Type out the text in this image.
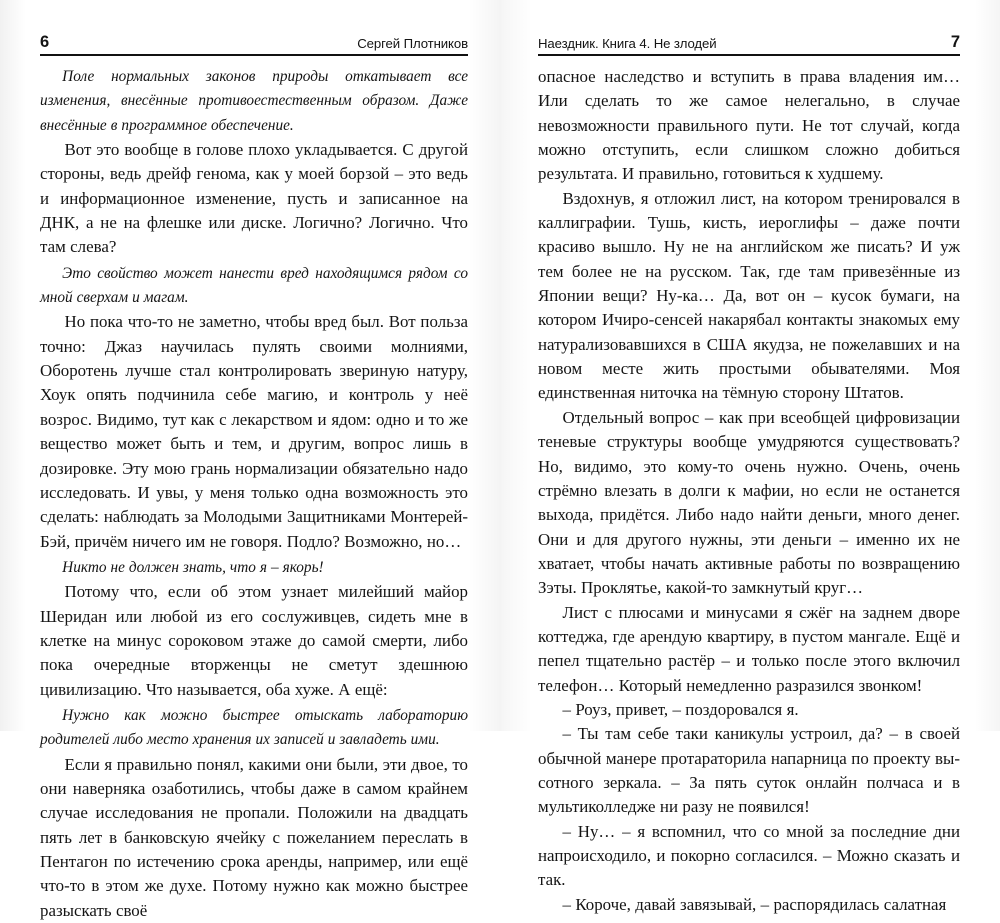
6	Сергей Плотников

Поле нормальных законов природы откатывает все изменения, внесённые противоестественным образом. Даже внесённые в программное обеспечение.

Вот это вообще в голове плохо укладывается. С другой стороны, ведь дрейф генома, как у моей борзой – это ведь и информационное изменение, пусть и записанное на ДНК, а не на флешке или диске. Логично? Логично. Что там слева?

Это свойство может нанести вред находящимся рядом со мной сверхам и магам.

Но пока что-то не заметно, чтобы вред был. Вот польза точно: Джаз научилась пулять своими молниями, Оборотень лучше стал контролировать звериную натуру, Хоук опять подчинила себе магию, и контроль у неё возрос. Видимо, тут как с лекарством и ядом: одно и то же вещество может быть и тем, и другим, вопрос лишь в дозировке. Эту мою грань нормализации обязательно надо исследовать. И увы, у меня только одна возможность это сделать: наблюдать за Молодыми Защитниками Монтерей-Бэй, причём ничего им не говоря. Подло? Возможно, но…

Никто не должен знать, что я – якорь!

Потому что, если об этом узнает милейший майор Шеридан или любой из его сослуживцев, сидеть мне в клетке на минус сороковом этаже до самой смерти, либо пока очередные вторженцы не сметут здешнюю цивилизацию. Что называется, оба хуже. А ещё:

Нужно как можно быстрее отыскать лабораторию родителей либо место хранения их записей и завладеть ими.

Если я правильно понял, какими они были, эти двое, то они наверняка озаботились, чтобы даже в самом крайнем случае исследования не пропали. Положили на двадцать пять лет в банковскую ячейку с пожеланием переслать в Пентагон по истечению срока аренды, например, или ещё что-то в этом же духе. Потому нужно как можно быстрее разыскать своё

Наездник. Книга 4. Не злодей	7

опасное наследство и вступить в права владения им… Или сделать то же самое нелегально, в случае невозможности правильного пути. Не тот случай, когда можно отступить, если слишком сложно добиться результата. И правильно, готовиться к худшему.

Вздохнув, я отложил лист, на котором тренировался в каллиграфии. Тушь, кисть, иероглифы – даже почти красиво вышло. Ну не на английском же писать? И уж тем более не на русском. Так, где там привезённые из Японии вещи? Ну-ка… Да, вот он – кусок бумаги, на котором Ичиро-сенсей накарябал контакты знакомых ему натурализовавшихся в США якудза, не пожелавших и на новом месте жить простыми обывателями. Моя единственная ниточка на тёмную сторону Штатов.

Отдельный вопрос – как при всеобщей цифровизации теневые структуры вообще умудряются существовать? Но, видимо, это кому-то очень нужно. Очень, очень стрёмно влезать в долги к мафии, но если не останется выхода, придётся. Либо надо найти деньги, много денег. Они и для другого нужны, эти деньги – именно их не хватает, чтобы начать активные работы по возвращению Зэты. Проклятье, какой-то замкнутый круг…

Лист с плюсами и минусами я сжёг на заднем дворе коттеджа, где арендую квартиру, в пустом мангале. Ещё и пепел тщательно растёр – и только после этого включил телефон… Который немедленно разразился звонком!

– Роуз, привет, – поздоровался я.

– Ты там себе таки каникулы устроил, да? – в своей обычной манере протараторила напарница по проекту высотного зеркала. – За пять суток онлайн полчаса и в мультиколледже ни разу не появился!

– Ну… – я вспомнил, что со мной за последние дни напроисходило, и покорно согласился. – Можно сказать и так.

– Короче, давай завязывай, – распорядилась салатная
